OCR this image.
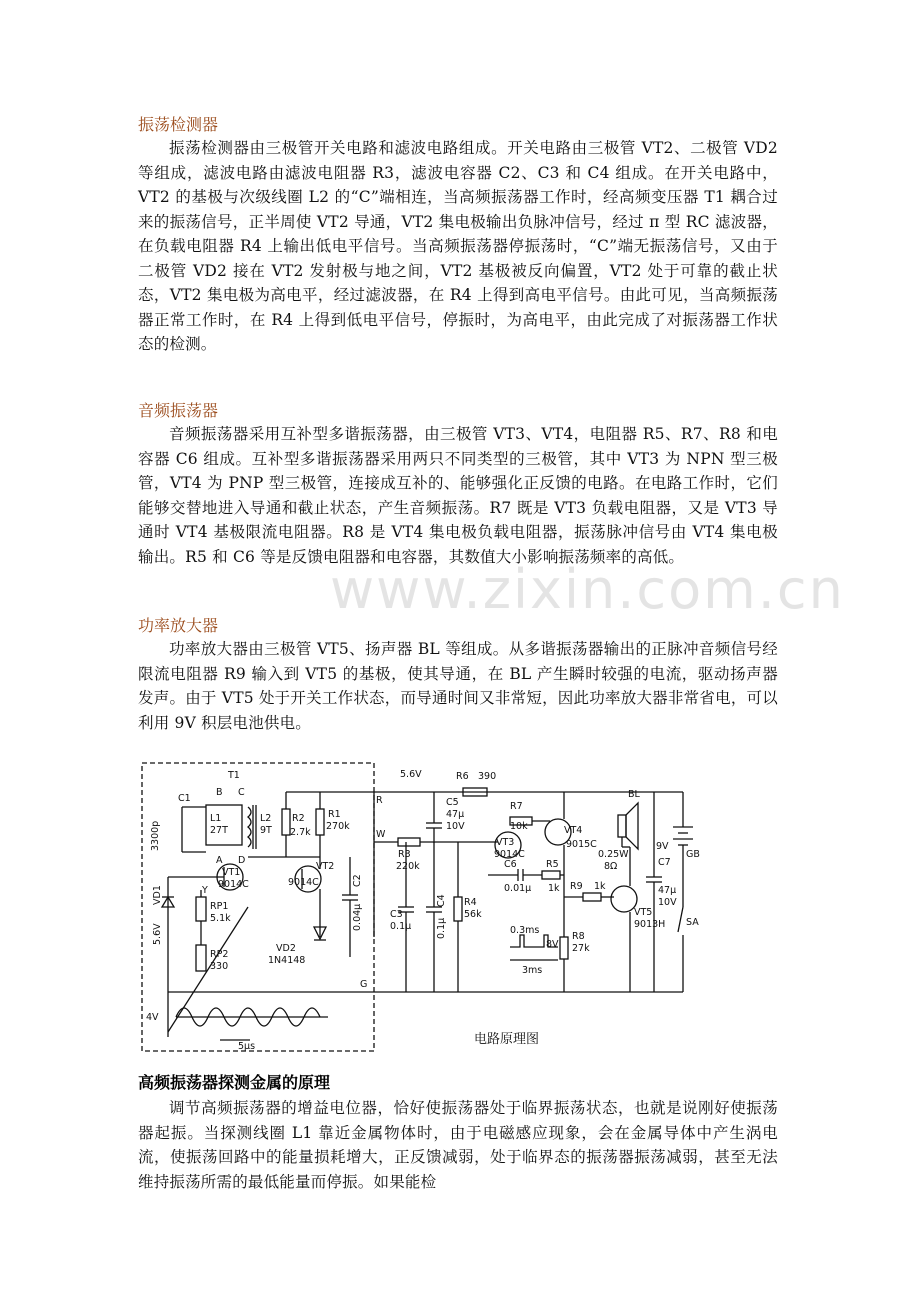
振荡检测器
振荡检测器由三极管开关电路和滤波电路组成。开关电路由三极管 VT2、二极管 VD2 等组成，滤波电路由滤波电阻器 R3，滤波电容器 C2、C3 和 C4 组成。在开关电路中，VT2 的基极与次级线圈 L2 的“C”端相连，当高频振荡器工作时，经高频变压器 T1 耦合过来的振荡信号，正半周使 VT2 导通，VT2 集电极输出负脉冲信号，经过 π 型 RC 滤波器，在负载电阻器 R4 上输出低电平信号。当高频振荡器停振荡时，“C”端无振荡信号，又由于二极管 VD2 接在 VT2 发射极与地之间，VT2 基极被反向偏置，VT2 处于可靠的截止状态，VT2 集电极为高电平，经过滤波器，在 R4 上得到高电平信号。由此可见，当高频振荡器正常工作时，在 R4 上得到低电平信号，停振时，为高电平，由此完成了对振荡器工作状态的检测。
音频振荡器
音频振荡器采用互补型多谐振荡器，由三极管 VT3、VT4，电阻器 R5、R7、R8 和电容器 C6 组成。互补型多谐振荡器采用两只不同类型的三极管，其中 VT3 为 NPN 型三极管，VT4 为 PNP 型三极管，连接成互补的、能够强化正反馈的电路。在电路工作时，它们能够交替地进入导通和截止状态，产生音频振荡。R7 既是 VT3 负载电阻器，又是 VT3 导通时 VT4 基极限流电阻器。R8 是 VT4 集电极负载电阻器，振荡脉冲信号由 VT4 集电极输出。R5 和 C6 等是反馈电阻器和电容器，其数值大小影响振荡频率的高低。
www.zixin.com.cn
功率放大器
功率放大器由三极管 VT5、扬声器 BL 等组成。从多谐振荡器输出的正脉冲音频信号经限流电阻器 R9 输入到 VT5 的基极，使其导通，在 BL 产生瞬时较强的电流，驱动扬声器发声。由于 VT5 处于开关工作状态，而导通时间又非常短，因此功率放大器非常省电，可以利用 9V 积层电池供电。
T1
B C
A D
C1
3300p
L1
27T
L2
9T
R2
2.7k
R1
270k
VT1
9014C
VT2
9014C
VD1
5.6V
Y
RP1
5.1k
RP2
330
VD2
1N4148
C2
0.04μ
G
R
W
5.6V	R6 390
C5
47μ
10V
R3
220k
C3
0.1μ
C4
0.1μ
R4
56k
R7
10k
VT3
9014C
VT4
9015C
C6
0.01μ
R5
1k
R8
27k
R9 1k
0.3ms
8V
3ms
BL
0.25W
8Ω	C7
47μ
10V
VT5
9013H
9V
GB
SA
4V
5μs	电路原理图
高频振荡器探测金属的原理
调节高频振荡器的增益电位器，恰好使振荡器处于临界振荡状态，也就是说刚好使振荡器起振。当探测线圈 L1 靠近金属物体时，由于电磁感应现象，会在金属导体中产生涡电流，使振荡回路中的能量损耗增大，正反馈减弱，处于临界态的振荡器振荡减弱，甚至无法维持振荡所需的最低能量而停振。如果能检
